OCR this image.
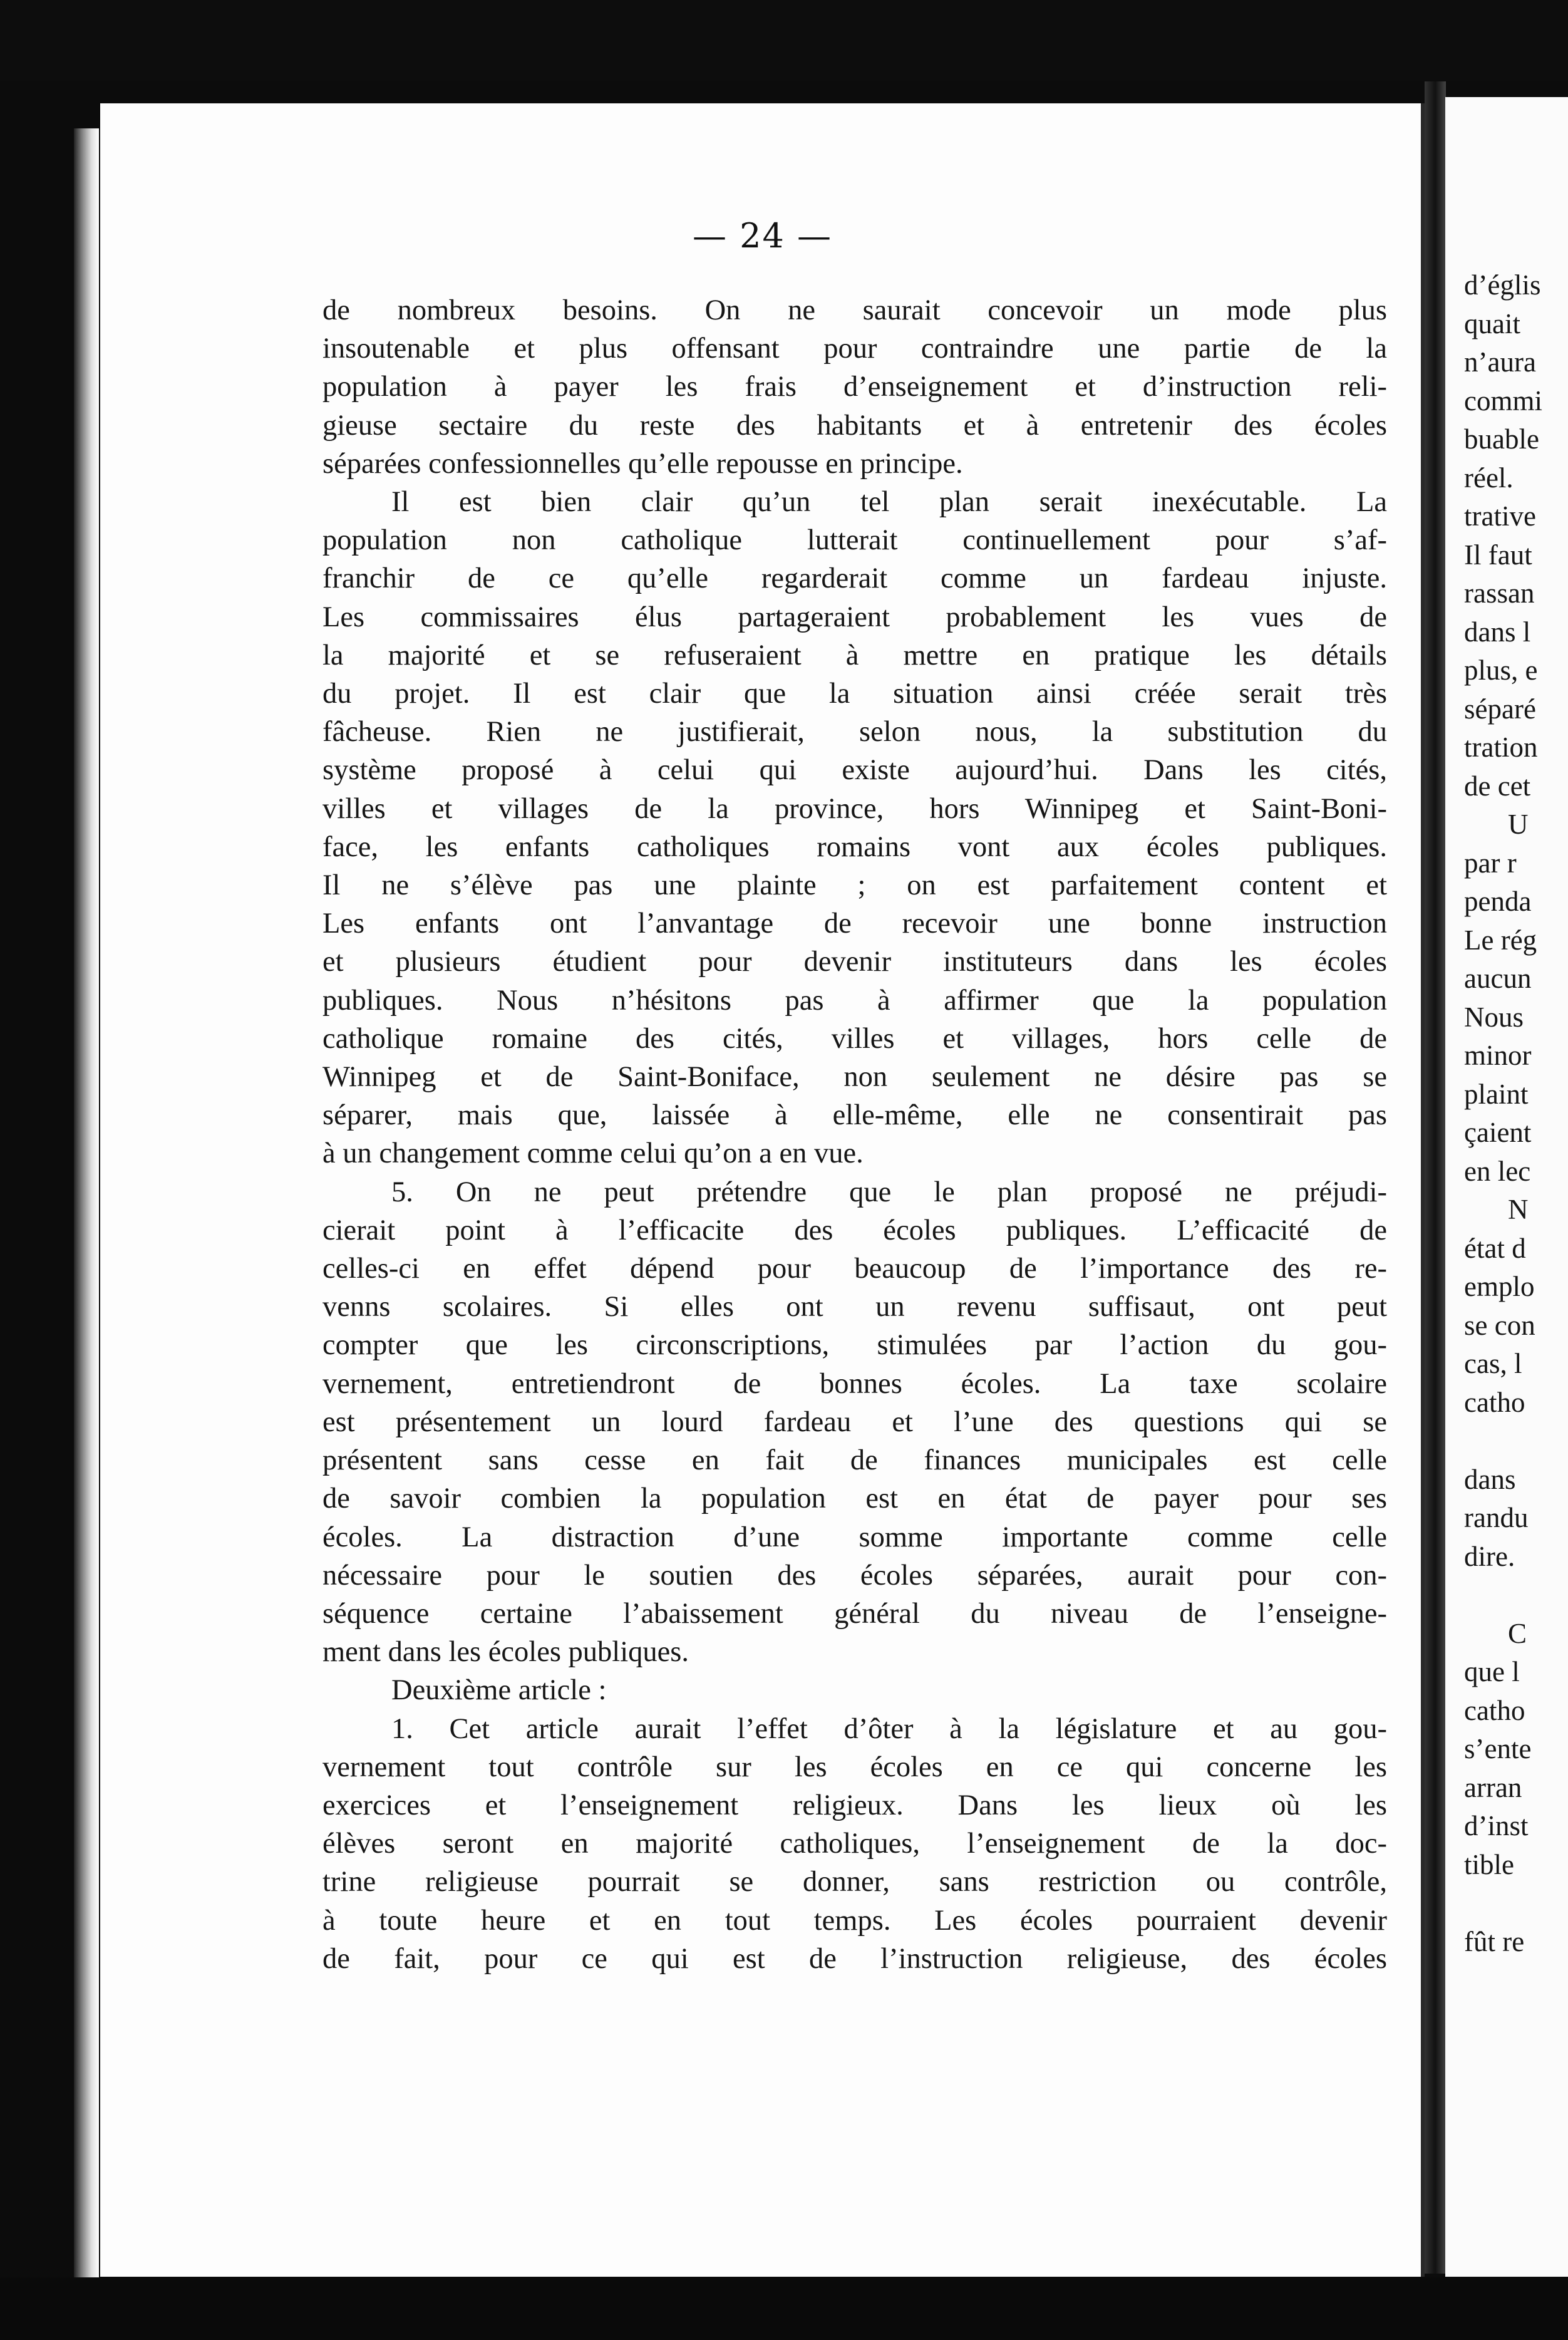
— 24 —
de nombreux besoins. On ne saurait concevoir un mode plus
insoutenable et plus offensant pour contraindre une partie de la
population à payer les frais d’enseignement et d’instruction reli-
gieuse sectaire du reste des habitants et à entretenir des écoles
séparées confessionnelles qu’elle repousse en principe.
Il est bien clair qu’un tel plan serait inexécutable. La
population non catholique lutterait continuellement pour s’af-
franchir de ce qu’elle regarderait comme un fardeau injuste.
Les commissaires élus partageraient probablement les vues de
la majorité et se refuseraient à mettre en pratique les détails
du projet. Il est clair que la situation ainsi créée serait très
fâcheuse. Rien ne justifierait, selon nous, la substitution du
système proposé à celui qui existe aujourd’hui. Dans les cités,
villes et villages de la province, hors Winnipeg et Saint-Boni-
face, les enfants catholiques romains vont aux écoles publiques.
Il ne s’élève pas une plainte ; on est parfaitement content et
Les enfants ont l’anvantage de recevoir une bonne instruction
et plusieurs étudient pour devenir instituteurs dans les écoles
publiques. Nous n’hésitons pas à affirmer que la population
catholique romaine des cités, villes et villages, hors celle de
Winnipeg et de Saint-Boniface, non seulement ne désire pas se
séparer, mais que, laissée à elle-même, elle ne consentirait pas
à un changement comme celui qu’on a en vue.
5. On ne peut prétendre que le plan proposé ne préjudi-
cierait point à l’efficacite des écoles publiques. L’efficacité de
celles-ci en effet dépend pour beaucoup de l’importance des re-
venns scolaires. Si elles ont un revenu suffisaut, ont peut
compter que les circonscriptions, stimulées par l’action du gou-
vernement, entretiendront de bonnes écoles. La taxe scolaire
est présentement un lourd fardeau et l’une des questions qui se
présentent sans cesse en fait de finances municipales est celle
de savoir combien la population est en état de payer pour ses
écoles. La distraction d’une somme importante comme celle
nécessaire pour le soutien des écoles séparées, aurait pour con-
séquence certaine l’abaissement général du niveau de l’enseigne-
ment dans les écoles publiques.
Deuxième article :
1. Cet article aurait l’effet d’ôter à la législature et au gou-
vernement tout contrôle sur les écoles en ce qui concerne les
exercices et l’enseignement religieux. Dans les lieux où les
élèves seront en majorité catholiques, l’enseignement de la doc-
trine religieuse pourrait se donner, sans restriction ou contrôle,
à toute heure et en tout temps. Les écoles pourraient devenir
de fait, pour ce qui est de l’instruction religieuse, des écoles
d’églis
quait
n’aura
commi
buable
réel.
trative
Il faut
rassan
dans l
plus, e
séparé
tration
de cet
U
par r
penda
Le rég
aucun
Nous
minor
plaint
çaient
en lec
N
état d
emplo
se con
cas, l
catho
dans
randu
dire.
C
que l
catho
s’ente
arran
d’inst
tible
fût re
